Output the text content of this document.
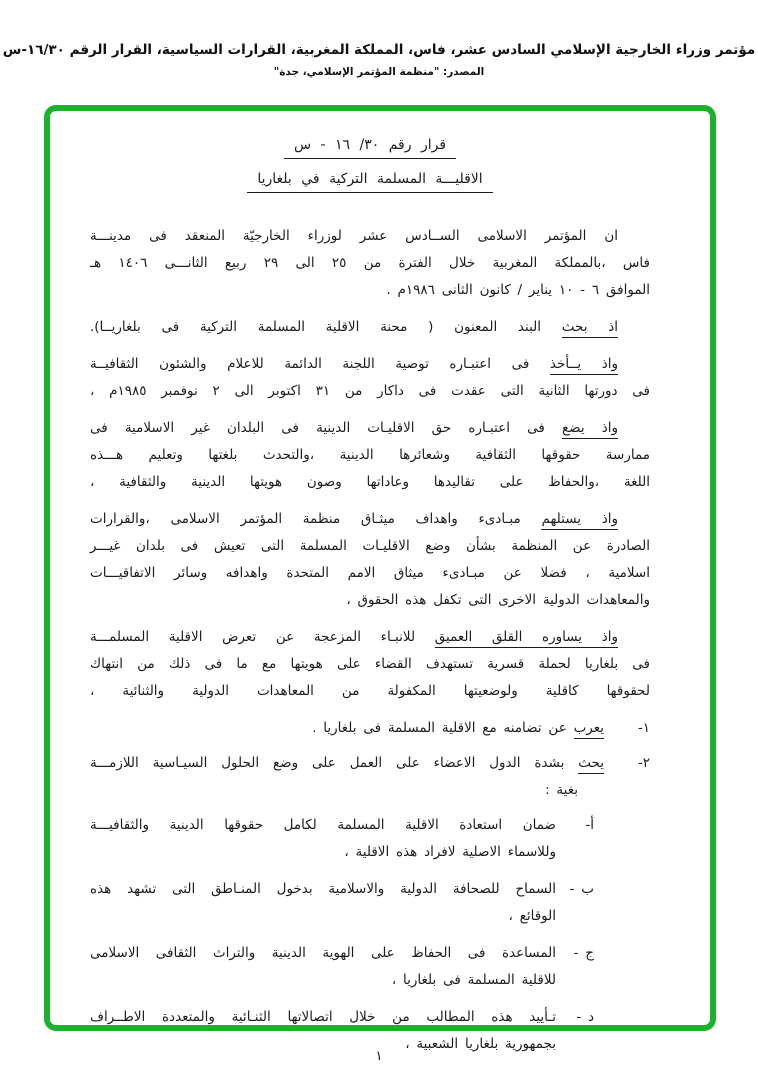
مؤتمر وزراء الخارجية الإسلامي السادس عشر، فاس، المملكة المغربية، القرارات السياسية، القرار الرقم ١٦/٣٠-س
المصدر: "منظمة المؤتمر الإسلامي، جدة"
قرار رقم ٣٠/ ١٦ - س
الاقليـــة المسلمة التركية في بلغاريا
ان المؤتمر الاسلامى الســادس عشر لوزراء الخارجيّة المنعقد فى مدينـــة
فاس ،بالمملكة المغربية خلال الفترة من ٢٥ الى ٢٩ ربيع الثانـــى ١٤٠٦ هـ
الموافق ٦ - ١٠ يناير / كانون الثانى ١٩٨٦م .
اذ بحث البند المعنون ( محنة الاقلية المسلمة التركية فى بلغاريــا).
واذ يــأخذ فى اعتبـاره توصية اللجنة الدائمة للاعلام والشئون الثقافيــة
فى دورتها الثانية التى عقدت فى داكار من ٣١ اكتوبر الى ٢ نوفمبر ١٩٨٥م ،
واذ يضع فى اعتبـاره حق الاقليـات الدينية فى البلدان غير الاسلامية فى
ممارسة حقوقها الثقافية وشعائرها الدينية ،والتحدث بلغتها وتعليم هـــذه
اللغة ،والحفاظ على تقاليدها وعاداتها وصون هويتها الدينية والثقافية ،
واذ يستلهم مبـادىء واهداف ميثـاق منظمة المؤتمر الاسلامى ،والقرارات
الصادرة عن المنظمة بشأن وضع الاقليـات المسلمة التى تعيش فى بلدان غيـــر
اسلامية ، فضلا عن مبـادىء ميثاق الامم المتحدة واهدافه وسائر الاتفاقيـــات
والمعاهدات الدولية الاخرى التى تكفل هذه الحقوق ،
واذ يساوره القلق العميق للانبـاء المزعجة عن تعرض الاقلية المسلمـــة
فى بلغاريا لحملة قسرية تستهدف القضاء على هويتها مع ما فى ذلك من انتهاك
لحقوقها كاقلية ولوضعيتها المكفولة من المعاهدات الدولية والثنائية ،
١-
يعرب عن تضامنه مع الاقلية المسلمة فى بلغاريا .
٢-
يحث بشدة الدول الاعضاء على العمل على وضع الحلول السيـاسية اللازمـــة
بغية :
أ-
ضمان استعادة الاقلية المسلمة لكامل حقوقها الدينية والثقافيـــة
وللاسماء الاصلية لافراد هذه الاقلية ،
ب -
السماح للصحافة الدولية والاسلامية بدخول المنـاطق التى تشهد هذه
الوقائع ،
ج -
المساعدة فى الحفاظ على الهوية الدينية والتراث الثقافى الاسلامى
للاقلية المسلمة فى بلغاريا ،
د -
تـأييد هذه المطالب من خلال اتصالاتها الثنـائية والمتعددة الاطــراف
بجمهورية بلغاريا الشعبية ،
١
